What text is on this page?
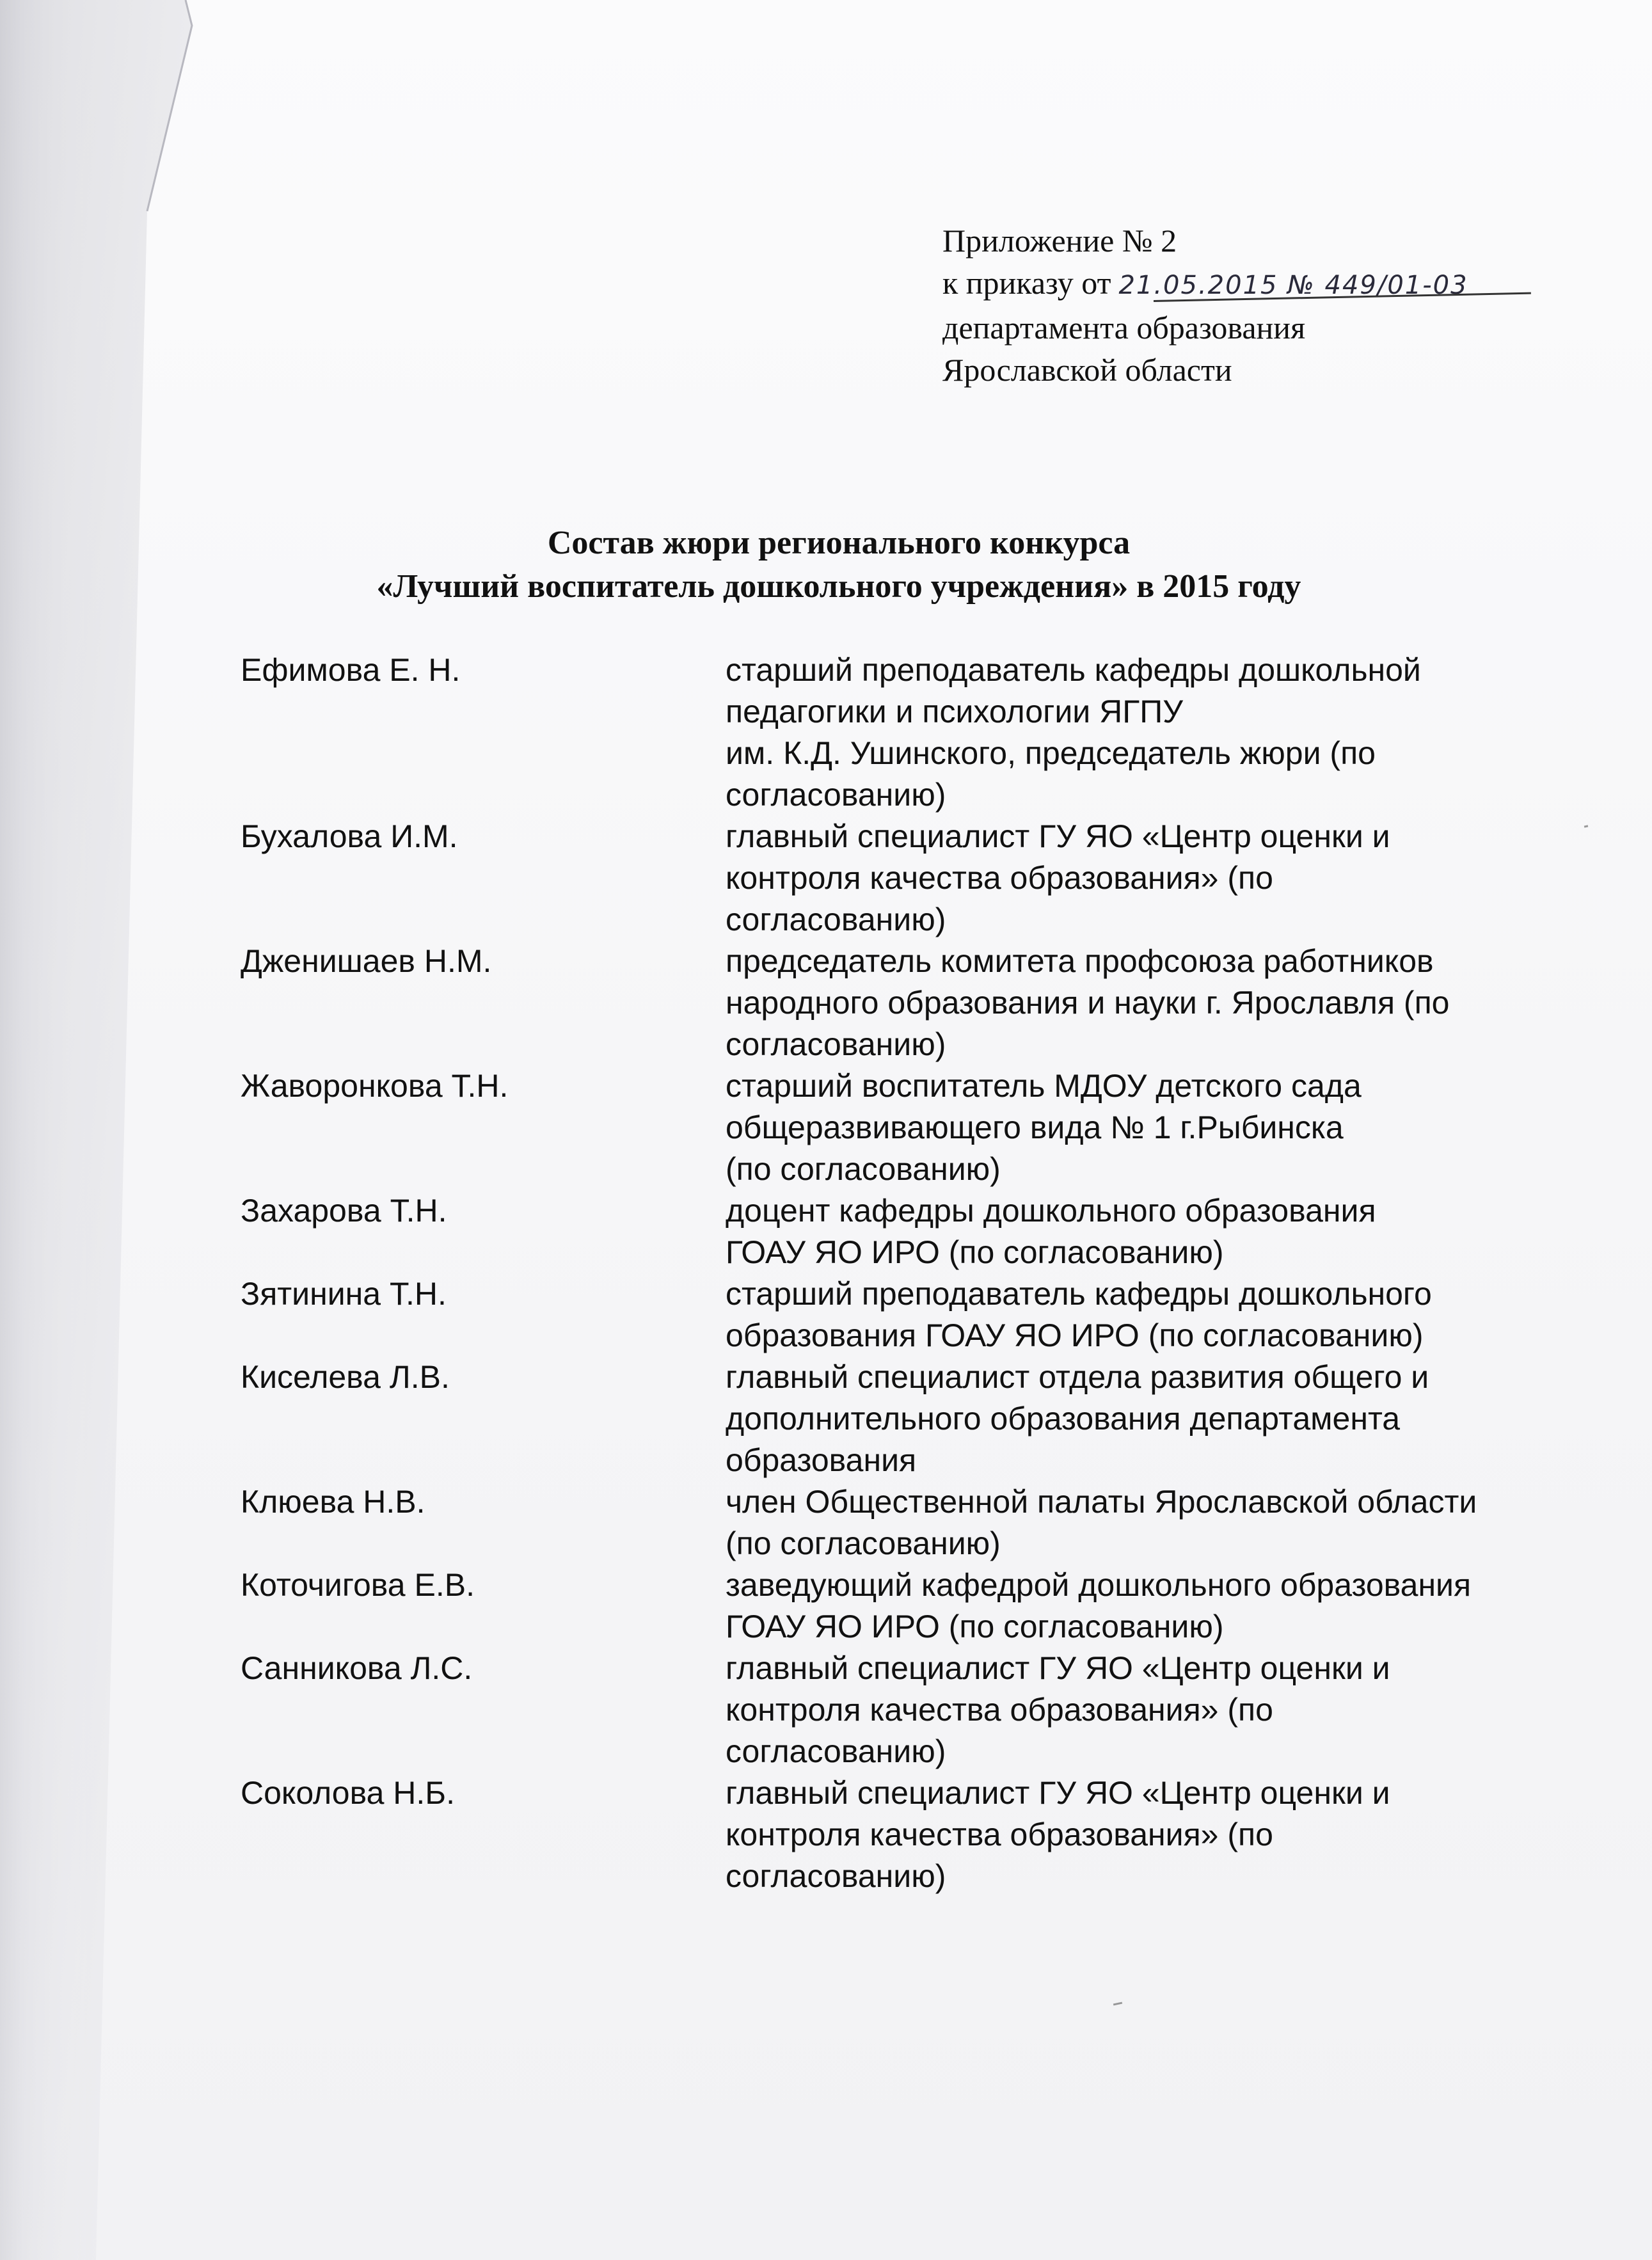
Приложение № 2
к приказу от 21.05.2015 № 449/01-03
департамента образования
Ярославской области
Состав жюри регионального конкурса
«Лучший воспитатель дошкольного учреждения» в 2015 году
Ефимова Е. Н.	старший преподаватель кафедры дошкольной
педагогики и психологии ЯГПУ
им. К.Д. Ушинского, председатель жюри (по
согласованию)
Бухалова И.М.	главный специалист ГУ ЯО «Центр оценки и
контроля качества образования» (по
согласованию)
Дженишаев Н.М.	председатель комитета профсоюза работников
народного образования и науки г. Ярославля (по
согласованию)
Жаворонкова Т.Н.	старший воспитатель МДОУ детского сада
общеразвивающего вида № 1 г.Рыбинска
(по согласованию)
Захарова Т.Н.	доцент кафедры дошкольного образования
ГОАУ ЯО ИРО (по согласованию)
Зятинина Т.Н.	старший преподаватель кафедры дошкольного
образования ГОАУ ЯО ИРО (по согласованию)
Киселева Л.В.	главный специалист отдела развития общего и
дополнительного образования департамента
образования
Клюева Н.В.	член Общественной палаты Ярославской области
(по согласованию)
Коточигова Е.В.	заведующий кафедрой дошкольного образования
ГОАУ ЯО ИРО (по согласованию)
Санникова Л.С.	главный специалист ГУ ЯО «Центр оценки и
контроля качества образования» (по
согласованию)
Соколова Н.Б.	главный специалист ГУ ЯО «Центр оценки и
контроля качества образования» (по
согласованию)
